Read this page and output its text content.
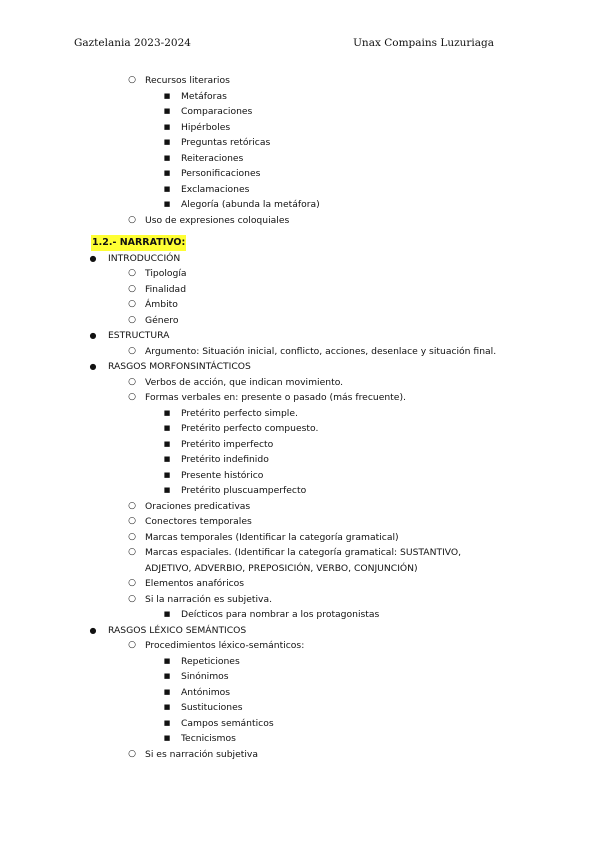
Gaztelania 2023-2024	Unax Compains Luzuriaga
○ Recursos literarios
■ Metáforas
■ Comparaciones
■ Hipérboles
■ Preguntas retóricas
■ Reiteraciones
■ Personificaciones
■ Exclamaciones
■ Alegoría (abunda la metáfora)
○ Uso de expresiones coloquiales
1.2.- NARRATIVO:
● INTRODUCCIÓN
○ Tipología
○ Finalidad
○ Ámbito
○ Género
● ESTRUCTURA
○ Argumento: Situación inicial, conflicto, acciones, desenlace y situación final.
● RASGOS MORFONSINTÁCTICOS
○ Verbos de acción, que indican movimiento.
○ Formas verbales en: presente o pasado (más frecuente).
■ Pretérito perfecto simple.
■ Pretérito perfecto compuesto.
■ Pretérito imperfecto
■ Pretérito indefinido
■ Presente histórico
■ Pretérito pluscuamperfecto
○ Oraciones predicativas
○ Conectores temporales
○ Marcas temporales (Identificar la categoría gramatical)
○ Marcas espaciales. (Identificar la categoría gramatical: SUSTANTIVO, ADJETIVO, ADVERBIO, PREPOSICIÓN, VERBO, CONJUNCIÓN)
○ Elementos anafóricos
○ Si la narración es subjetiva.
■ Deícticos para nombrar a los protagonistas
● RASGOS LÉXICO SEMÁNTICOS
○ Procedimientos léxico-semánticos:
■ Repeticiones
■ Sinónimos
■ Antónimos
■ Sustituciones
■ Campos semánticos
■ Tecnicismos
○ Si es narración subjetiva
